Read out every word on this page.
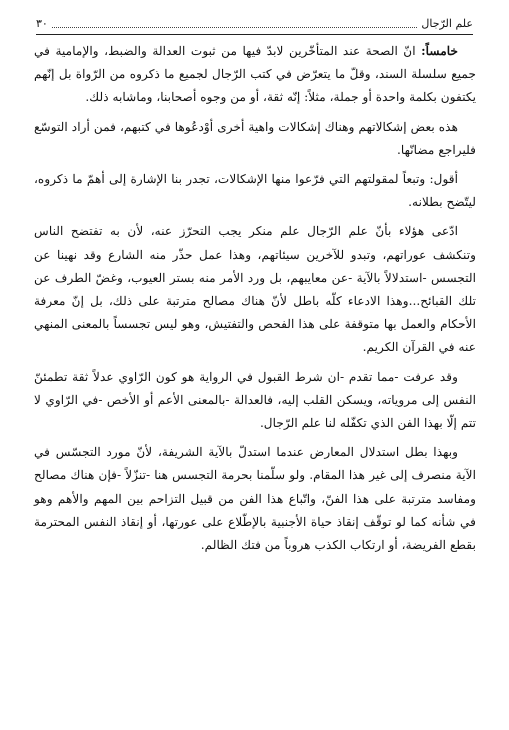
علم الرّجال
٣٠

خامساً: انّ الصحة عند المتأخّرين لابدّ فيها من ثبوت العدالة والضبط، والإمامية في جميع سلسلة السند، وقلّ ما يتعرّض في كتب الرّجال لجميع ما ذكروه من الرّواة بل إنّهم يكتفون بكلمة واحدة أو جملة، مثلاً: إنّه ثقة، أو من وجوه أصحابنا، وماشابه ذلك.

هذه بعض إشكالاتهم وهناك إشكالات واهية أخرى أوْدعُوها في كتبهم، فمن أراد التوسّع فليراجع مضانّها.

أقول: وتبعاً لمقولتهم التي فرّعوا منها الإشكالات، تجدر بنا الإشارة إلى أهمّ ما ذكروه، ليتّضح بطلانه.

ادّعى هؤلاء بأنّ علم الرّجال علم منكر يجب التحرّز عنه، لأن به تفتضح الناس وتنكشف عوراتهم، وتبدو للآخرين سيئاتهم، وهذا عمل حذّر منه الشارع وقد نهينا عن التجسس -استدلالاً بالآية -عن معايبهم، بل ورد الأمر منه بستر العيوب، وغضّ الطرف عن تلك القبائح...وهذا الادعاء كلّه باطل لأنّ هناك مصالح مترتبة على ذلك، بل إنّ معرفة الأحكام والعمل بها متوقفة على هذا الفحص والتفتيش، وهو ليس تجسساً بالمعنى المنهي عنه في القرآن الكريم.

وقد عرفت -مما تقدم -ان شرط القبول في الرواية هو كون الرّاوي عدلاً ثقة تطمئنّ النفس إلى مروياته، ويسكن القلب إليه، فالعدالة -بالمعنى الأعم أو الأخص -في الرّاوي لا تتم إلّا بهذا الفن الذي تكفّله لنا علم الرّجال.

وبهذا بطل استدلال المعارض عندما استدلّ بالآية الشريفة، لأنّ مورد التجسّس في الآية منصرف إلى غير هذا المقام. ولو سلّمنا بحرمة التجسس هنا -تنزّلاً -فإن هناك مصالح ومفاسد مترتبة على هذا الفنّ، واتّباع هذا الفن من قبيل التزاحم بين المهم والأهم وهو في شأنه كما لو توقّف إنقاذ حياة الأجنبية بالإطّلاع على عورتها، أو إنقاذ النفس المحترمة بقطع الفريضة، أو ارتكاب الكذب هروباً من فتك الظالم.
